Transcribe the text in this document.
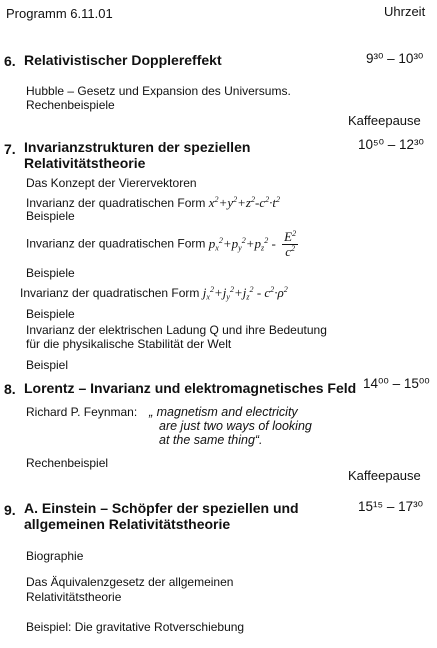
Programm 6.11.01	Uhrzeit
6. Relativistischer Dopplereffekt	9³⁰ – 10³⁰
Hubble – Gesetz und Expansion des Universums.
Rechenbeispiele
Kaffeepause
7. Invarianzstrukturen der speziellen
Relativitätstheorie
10⁵⁰ – 12³⁰
Das Konzept der Vierervektoren
Invarianz der quadratischen Form $x^2+y^2+z^2-c^2\cdot t^2$
Beispiele
Invarianz der quadratischen Form $p_x^2+p_y^2+p_z^2 - \frac{E^2}{c^2}$
Beispiele
Invarianz der quadratischen Form $j_x^2+j_y^2+j_z^2 - c^2\cdot\rho^2$
Beispiele
Invarianz der elektrischen Ladung Q und ihre Bedeutung
für die physikalische Stabilität der Welt
Beispiel
8. Lorentz – Invarianz und elektromagnetisches Feld 14⁰⁰ – 15⁰⁰
Richard P. Feynman: „ magnetism and electricity
are just two ways of looking
at the same thing“.
Rechenbeispiel
Kaffeepause
9. A. Einstein – Schöpfer der speziellen und
allgemeinen Relativitätstheorie
15¹⁵ – 17³⁰
Biographie
Das Äquivalenzgesetz der allgemeinen
Relativitätstheorie
Beispiel: Die gravitative Rotverschiebung
